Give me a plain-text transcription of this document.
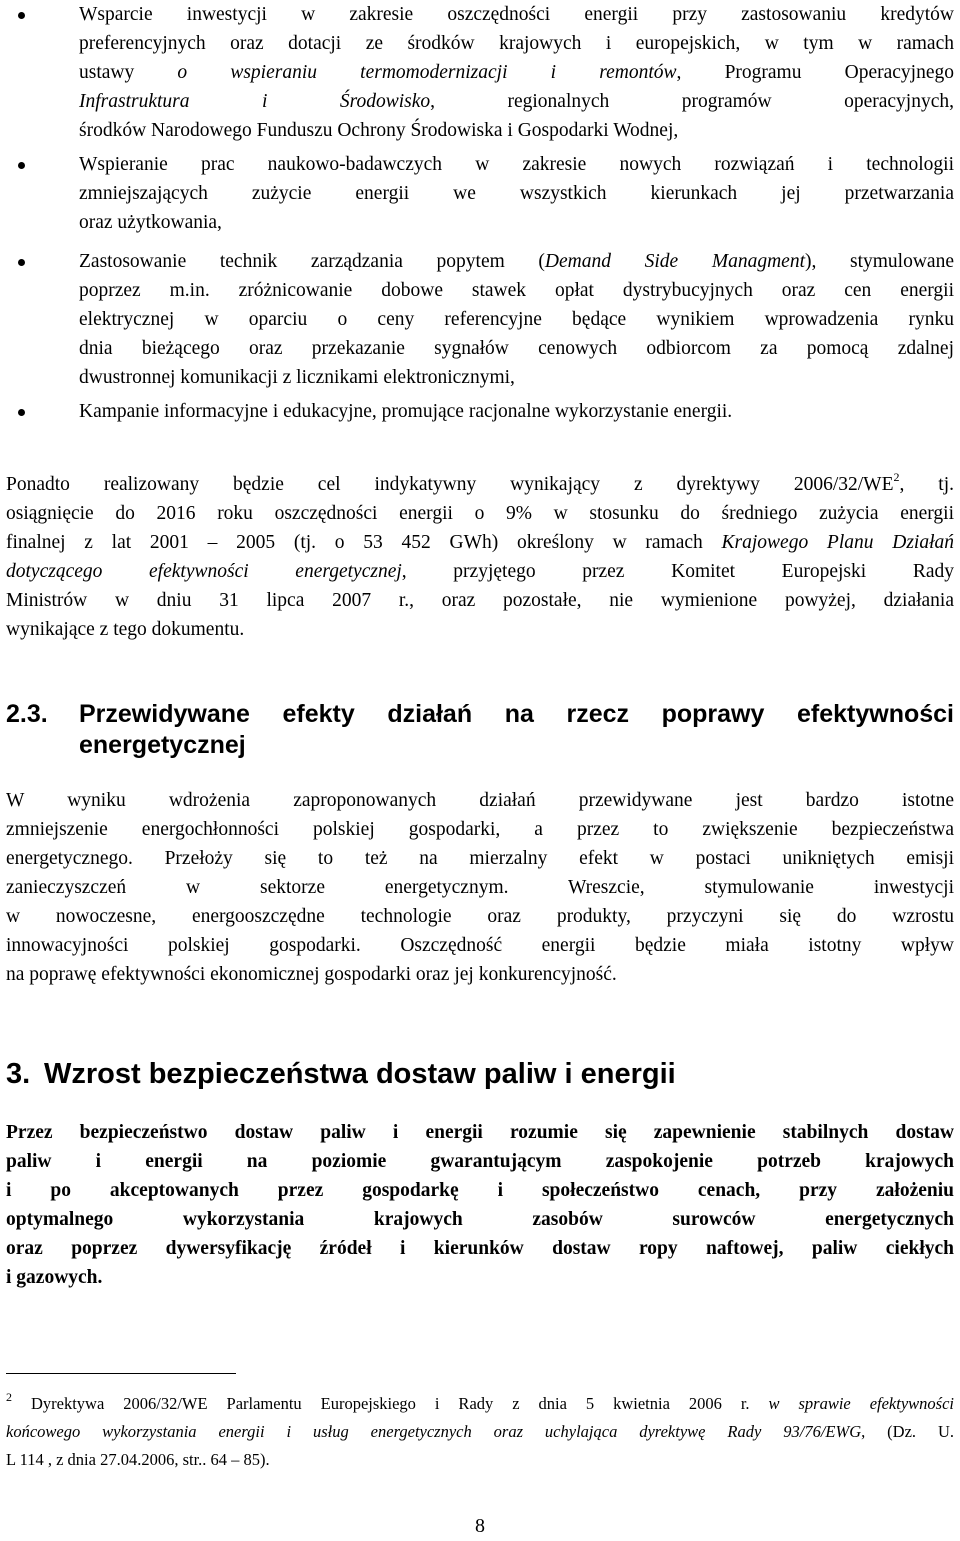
Wsparcie inwestycji w zakresie oszczędności energii przy zastosowaniu kredytów
preferencyjnych oraz dotacji ze środków krajowych i europejskich, w tym w ramach
ustawy o wspieraniu termomodernizacji i remontów, Programu Operacyjnego
Infrastruktura i Środowisko, regionalnych programów operacyjnych,
środków Narodowego Funduszu Ochrony Środowiska i Gospodarki Wodnej,
Wspieranie prac naukowo-badawczych w zakresie nowych rozwiązań i technologii
zmniejszających zużycie energii we wszystkich kierunkach jej przetwarzania
oraz użytkowania,
Zastosowanie technik zarządzania popytem (Demand Side Managment), stymulowane
poprzez m.in. zróżnicowanie dobowe stawek opłat dystrybucyjnych oraz cen energii
elektrycznej w oparciu o ceny referencyjne będące wynikiem wprowadzenia rynku
dnia bieżącego oraz przekazanie sygnałów cenowych odbiorcom za pomocą zdalnej
dwustronnej komunikacji z licznikami elektronicznymi,
Kampanie informacyjne i edukacyjne, promujące racjonalne wykorzystanie energii.
Ponadto realizowany będzie cel indykatywny wynikający z dyrektywy $2006/32/WE^2$, tj.
osiągnięcie do 2016 roku oszczędności energii o 9% w stosunku do średniego zużycia energii
finalnej z lat 2001 – 2005 (tj. o 53 452 GWh) określony w ramach Krajowego Planu Działań
dotyczącego efektywności energetycznej, przyjętego przez Komitet Europejski Rady
Ministrów w dniu 31 lipca 2007 r., oraz pozostałe, nie wymienione powyżej, działania
wynikające z tego dokumentu.
2.3. Przewidywane efekty działań na rzecz poprawy efektywności
energetycznej
W wyniku wdrożenia zaproponowanych działań przewidywane jest bardzo istotne
zmniejszenie energochłonności polskiej gospodarki, a przez to zwiększenie bezpieczeństwa
energetycznego. Przełoży się to też na mierzalny efekt w postaci unikniętych emisji
zanieczyszczeń w sektorze energetycznym. Wreszcie, stymulowanie inwestycji
w nowoczesne, energooszczędne technologie oraz produkty, przyczyni się do wzrostu
innowacyjności polskiej gospodarki. Oszczędność energii będzie miała istotny wpływ
na poprawę efektywności ekonomicznej gospodarki oraz jej konkurencyjność.
3. Wzrost bezpieczeństwa dostaw paliw i energii
Przez bezpieczeństwo dostaw paliw i energii rozumie się zapewnienie stabilnych dostaw
paliw i energii na poziomie gwarantującym zaspokojenie potrzeb krajowych
i po akceptowanych przez gospodarkę i społeczeństwo cenach, przy założeniu
optymalnego wykorzystania krajowych zasobów surowców energetycznych
oraz poprzez dywersyfikację źródeł i kierunków dostaw ropy naftowej, paliw ciekłych
i gazowych.
$^2$ Dyrektywa 2006/32/WE Parlamentu Europejskiego i Rady z dnia 5 kwietnia 2006 r. w sprawie efektywności
końcowego wykorzystania energii i usług energetycznych oraz uchylająca dyrektywę Rady 93/76/EWG, (Dz. U.
L 114 , z dnia 27.04.2006, str.. 64 – 85).
8
